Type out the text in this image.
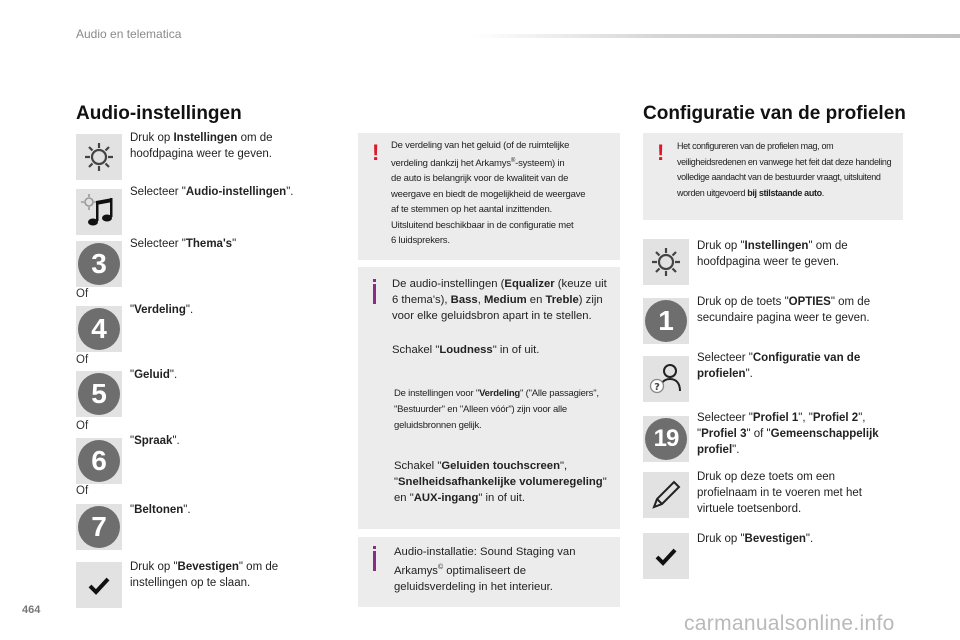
Audio en telematica
Audio-instellingen	Configuratie van de profielen
Druk op Instellingen om de hoofdpagina weer te geven.
Selecteer "Audio-instellingen".
3
Selecteer "Thema's"
Of
4
"Verdeling".
Of
5
"Geluid".
Of
6
"Spraak".
Of
7
"Beltonen".
Druk op "Bevestigen" om de instellingen op te slaan.
! De verdeling van het geluid (of de ruimtelijke
verdeling dankzij het Arkamys®-systeem) in
de auto is belangrijk voor de kwaliteit van de
weergave en biedt de mogelijkheid de weergave
af te stemmen op het aantal inzittenden.
Uitsluitend beschikbaar in de configuratie met
6 luidsprekers.
De audio-instellingen (Equalizer (keuze uit 6 thema's), Bass, Medium en Treble) zijn voor elke geluidsbron apart in te stellen.
Schakel "Loudness" in of uit.
De instellingen voor "Verdeling" ("Alle passagiers", "Bestuurder" en "Alleen vóór") zijn voor alle geluidsbronnen gelijk.
Schakel "Geluiden touchscreen", "Snelheidsafhankelijke volumeregeling" en "AUX-ingang" in of uit.
Audio-installatie: Sound Staging van Arkamys© optimaliseert de geluidsverdeling in het interieur.
! Het configureren van de profielen mag, om veiligheidsredenen en vanwege het feit dat deze handeling volledige aandacht van de bestuurder vraagt, uitsluitend worden uitgevoerd bij stilstaande auto.
Druk op "Instellingen" om de hoofdpagina weer te geven.
1
Druk op de toets "OPTIES" om de secundaire pagina weer te geven.
?
Selecteer "Configuratie van de profielen".
19
Selecteer "Profiel 1", "Profiel 2", "Profiel 3" of "Gemeenschappelijk profiel".
Druk op deze toets om een profielnaam in te voeren met het virtuele toetsenbord.
Druk op "Bevestigen".
464
carmanualsonline.info
